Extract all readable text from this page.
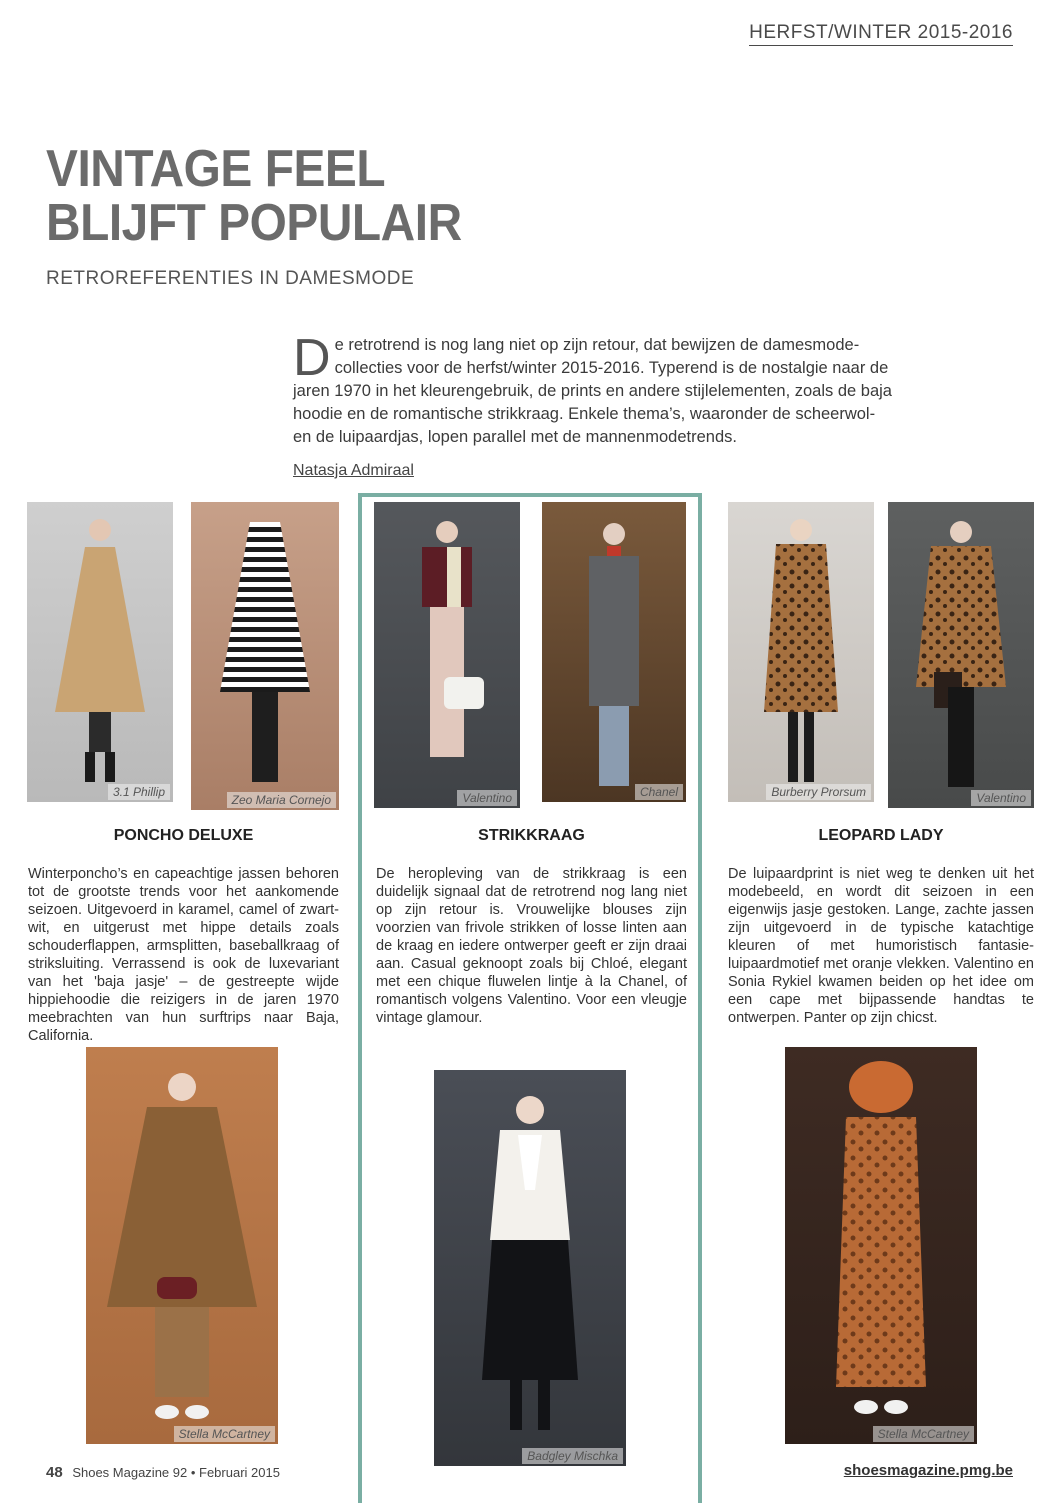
HERFST/WINTER 2015-2016
VINTAGE FEEL
BLIJFT POPULAIR
RETROREFERENTIES IN DAMESMODE
De retrotrend is nog lang niet op zijn retour, dat bewijzen de damesmode-collecties voor de herfst/winter 2015-2016. Typerend is de nostalgie naar de jaren 1970 in het kleurengebruik, de prints en andere stijlelementen, zoals de baja hoodie en de romantische strikkraag. Enkele thema’s, waaronder de scheerwol- en de luipaardjas, lopen parallel met de mannenmodetrends.
Natasja Admiraal
3.1 Phillip
Zeo Maria Cornejo	Valentino	Chanel	Burberry Prorsum	Valentino
PONCHO DELUXE	STRIKKRAAG	LEOPARD LADY
Winterponcho’s en capeachtige jassen behoren tot de grootste trends voor het aankomende seizoen. Uitgevoerd in karamel, camel of zwart-wit, en uitgerust met hippe details zoals schouderflappen, armsplitten, baseballkraag of striksluiting. Verrassend is ook de luxevariant van het 'baja jasje' – de gestreepte wijde hippiehoodie die reizigers in de jaren 1970 meebrachten van hun surftrips naar Baja, California.
De heropleving van de strikkraag is een duidelijk signaal dat de retrotrend nog lang niet op zijn retour is. Vrouwelijke blouses zijn voorzien van frivole strikken of losse linten aan de kraag en iedere ontwerper geeft er zijn draai aan. Casual geknoopt zoals bij Chloé, elegant met een chique fluwelen lintje à la Chanel, of romantisch volgens Valentino. Voor een vleugje vintage glamour.
De luipaardprint is niet weg te denken uit het modebeeld, en wordt dit seizoen in een eigenwijs jasje gestoken. Lange, zachte jassen zijn uitgevoerd in de typische katachtige kleuren of met humoristisch fantasie-luipaardmotief met oranje vlekken. Valentino en Sonia Rykiel kwamen beiden op het idee om een cape met bijpassende handtas te ontwerpen. Panter op zijn chicst.
Stella McCartney
Badgley Mischka
Stella McCartney
48 Shoes Magazine 92 • Februari 2015	shoesmagazine.pmg.be
